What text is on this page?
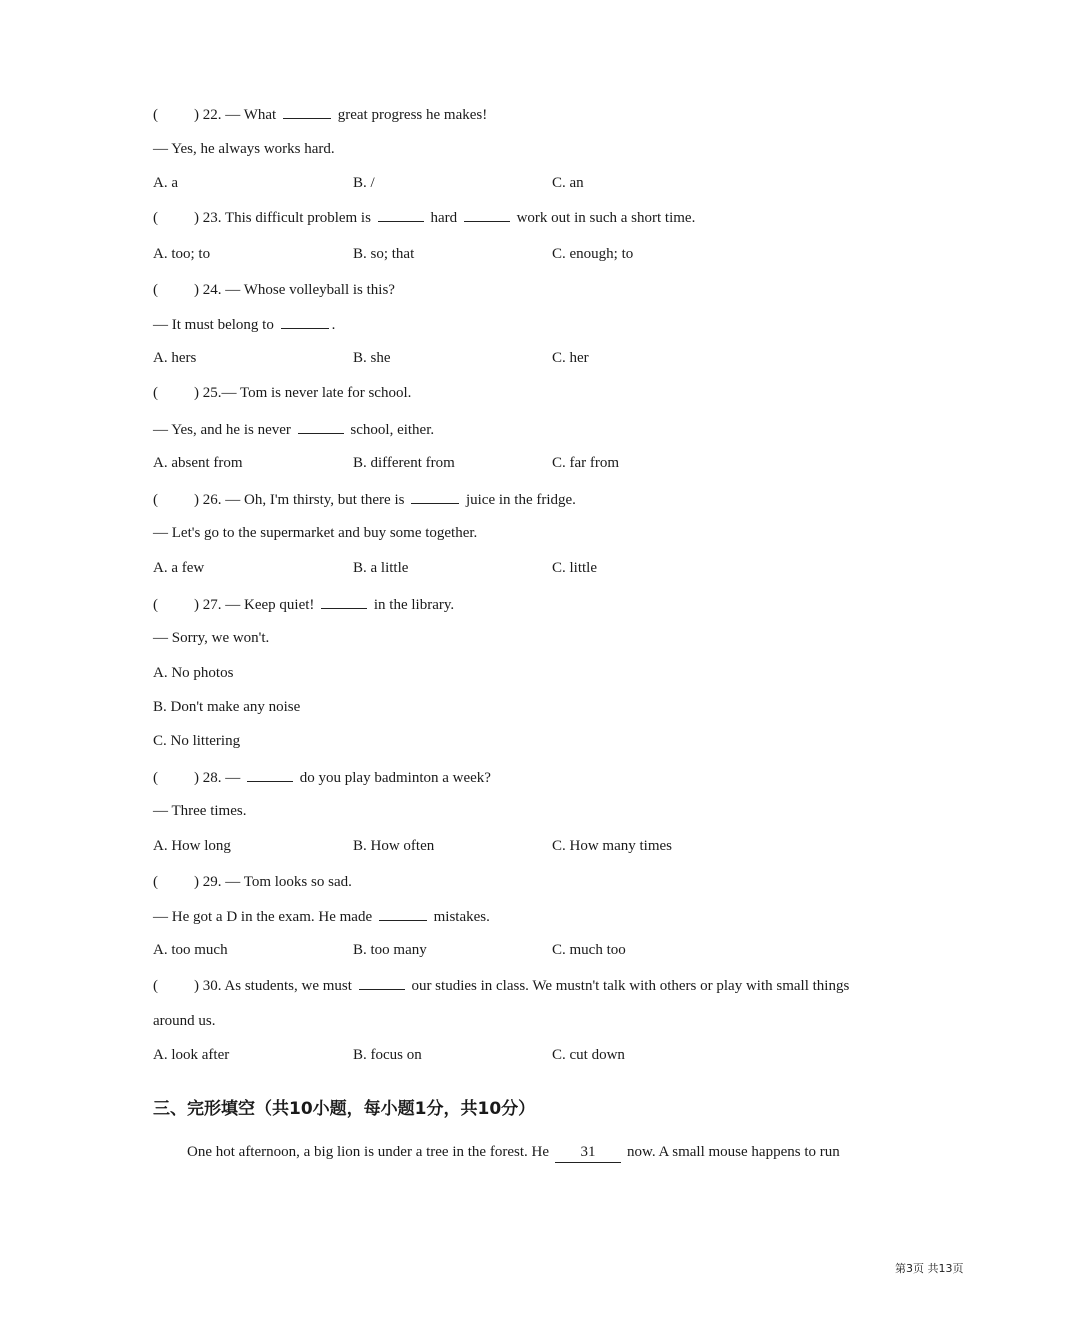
( ) 22. — What	great progress he makes!
— Yes, he always works hard.
A. a	B. /	C. an
( ) 23. This difficult problem is	hard	work out in such a short time.
A. too; to	B. so; that	C. enough; to
( ) 24. — Whose volleyball is this?
— It must belong to	.
A. hers	B. she	C. her
( ) 25.— Tom is never late for school.
— Yes, and he is never	school, either.
A. absent from	B. different from	C. far from
( ) 26. — Oh, I'm thirsty, but there is	juice in the fridge.
— Let's go to the supermarket and buy some together.
A. a few	B. a little	C. little
( ) 27. — Keep quiet!	in the library.
— Sorry, we won't.
A. No photos
B. Don't make any noise
C. No littering
( ) 28. —	do you play badminton a week?
— Three times.
A. How long	B. How often	C. How many times
( ) 29. — Tom looks so sad.
— He got a D in the exam. He made	mistakes.
A. too much	B. too many	C. much too
( ) 30. As students, we must	our studies in class. We mustn't talk with others or play with small things
around us.
A. look after	B. focus on	C. cut down
三、完形填空（共10小题，每小题1分，共10分）
One hot afternoon, a big lion is under a tree in the forest. He 31 now. A small mouse happens to run
第3页 共13页
